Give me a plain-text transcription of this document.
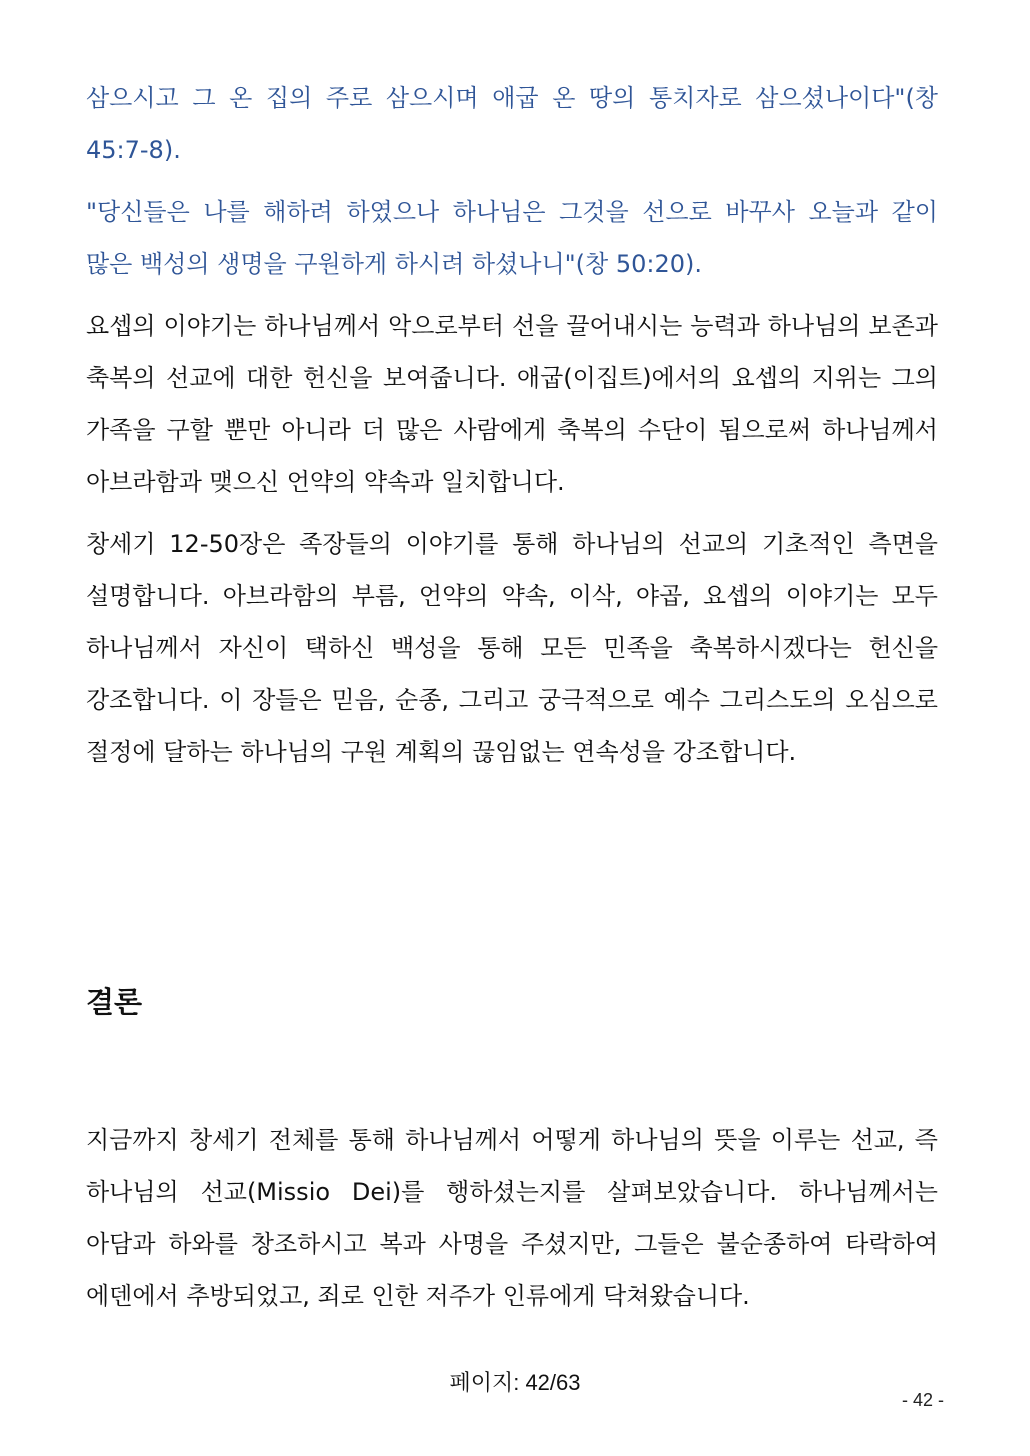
삼으시고 그 온 집의 주로 삼으시며 애굽 온 땅의 통치자로 삼으셨나이다"(창 45:7-8).

"당신들은 나를 해하려 하였으나 하나님은 그것을 선으로 바꾸사 오늘과 같이 많은 백성의 생명을 구원하게 하시려 하셨나니"(창 50:20).

요셉의 이야기는 하나님께서 악으로부터 선을 끌어내시는 능력과 하나님의 보존과 축복의 선교에 대한 헌신을 보여줍니다. 애굽(이집트)에서의 요셉의 지위는 그의 가족을 구할 뿐만 아니라 더 많은 사람에게 축복의 수단이 됨으로써 하나님께서 아브라함과 맺으신 언약의 약속과 일치합니다.

창세기 12-50장은 족장들의 이야기를 통해 하나님의 선교의 기초적인 측면을 설명합니다. 아브라함의 부름, 언약의 약속, 이삭, 야곱, 요셉의 이야기는 모두 하나님께서 자신이 택하신 백성을 통해 모든 민족을 축복하시겠다는 헌신을 강조합니다. 이 장들은 믿음, 순종, 그리고 궁극적으로 예수 그리스도의 오심으로 절정에 달하는 하나님의 구원 계획의 끊임없는 연속성을 강조합니다.

결론

지금까지 창세기 전체를 통해 하나님께서 어떻게 하나님의 뜻을 이루는 선교, 즉 하나님의 선교(Missio Dei)를 행하셨는지를 살펴보았습니다. 하나님께서는 아담과 하와를 창조하시고 복과 사명을 주셨지만, 그들은 불순종하여 타락하여 에덴에서 추방되었고, 죄로 인한 저주가 인류에게 닥쳐왔습니다.

페이지: 42/63
- 42 -
